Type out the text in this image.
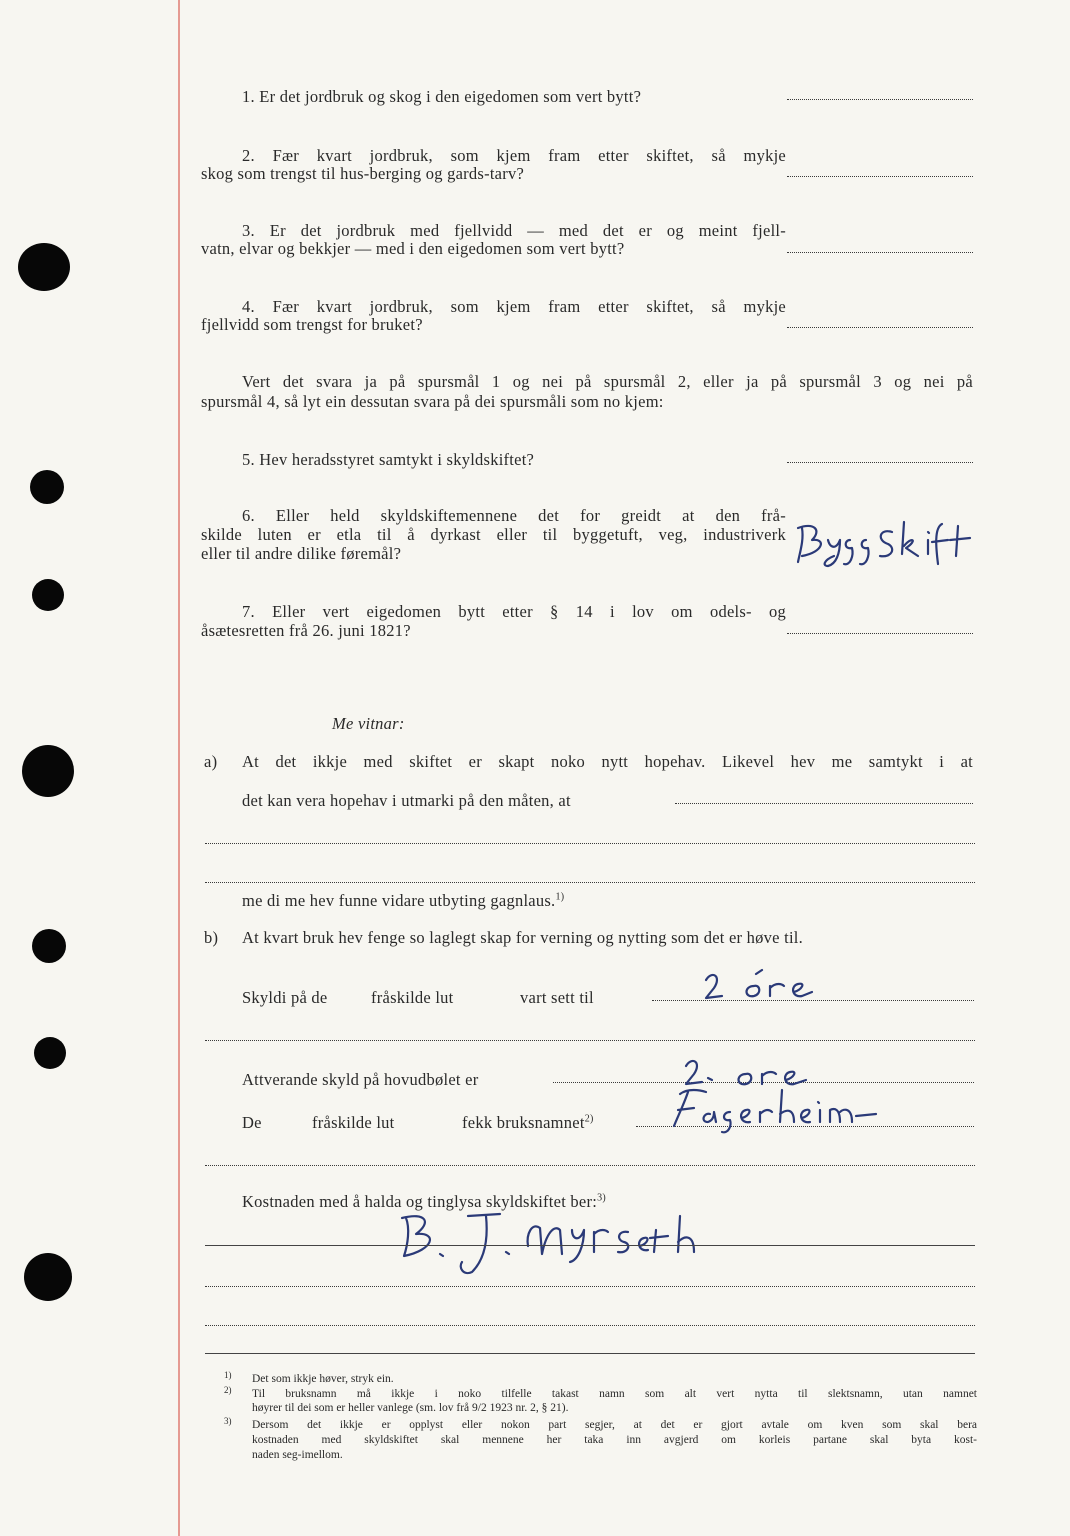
1. Er det jordbruk og skog i den eigedomen som vert bytt?
2. Fær kvart jordbruk, som kjem fram etter skiftet, så mykje
skog som trengst til hus-berging og gards-tarv?
3. Er det jordbruk med fjellvidd — med det er og meint fjell-
vatn, elvar og bekkjer — med i den eigedomen som vert bytt?
4. Fær kvart jordbruk, som kjem fram etter skiftet, så mykje
fjellvidd som trengst for bruket?
Vert det svara ja på spursmål 1 og nei på spursmål 2, eller ja på spursmål 3 og nei på
spursmål 4, så lyt ein dessutan svara på dei spursmåli som no kjem:
5. Hev heradsstyret samtykt i skyldskiftet?
6. Eller held skyldskiftemennene det for greidt at den frå-
skilde luten er etla til å dyrkast eller til byggetuft, veg, industriverk
eller til andre dilike føremål?
7. Eller vert eigedomen bytt etter § 14 i lov om odels- og
åsætesretten frå 26. juni 1821?
Me vitnar:
a) At det ikkje med skiftet er skapt noko nytt hopehav. Likevel hev me samtykt i at
det kan vera hopehav i utmarki på den måten, at
me di me hev funne vidare utbyting gagnlaus.$^{1)}$
b) At kvart bruk hev fenge so laglegt skap for verning og nytting som det er høve til.
Skyldi på de	fråskilde lut	vart sett til
Attverande skyld på hovudbølet er
De	fråskilde lut	fekk bruksnamnet$^{2)}$
Kostnaden med å halda og tinglysa skyldskiftet ber:$^{3)}$
1) Det som ikkje høver, stryk ein.
2) Til bruksnamn må ikkje i noko tilfelle takast namn som alt vert nytta til slektsnamn, utan namnet
høyrer til dei som er heller vanlege (sm. lov frå 9/2 1923 nr. 2, § 21).
3) Dersom det ikkje er opplyst eller nokon part segjer, at det er gjort avtale om kven som skal bera
kostnaden med skyldskiftet skal mennene her taka inn avgjerd om korleis partane skal byta kost-
naden seg-imellom.
